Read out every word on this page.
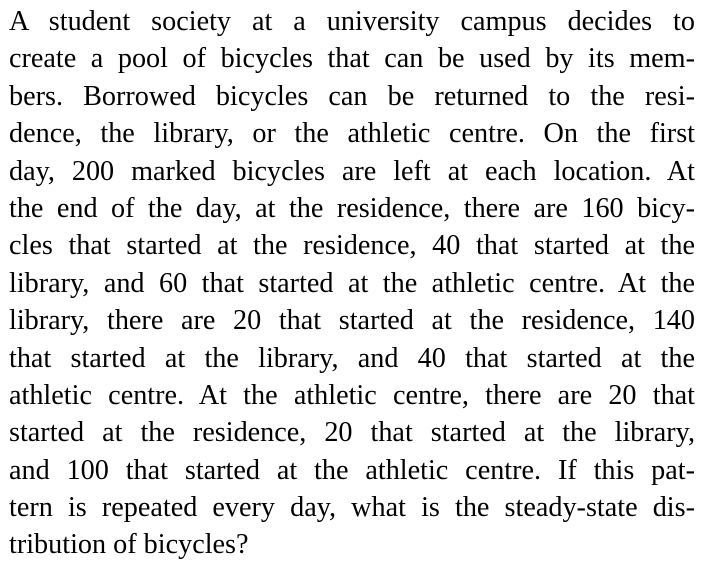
A student society at a university campus decides to
create a pool of bicycles that can be used by its mem-
bers. Borrowed bicycles can be returned to the resi-
dence, the library, or the athletic centre. On the first
day, 200 marked bicycles are left at each location. At
the end of the day, at the residence, there are 160 bicy-
cles that started at the residence, 40 that started at the
library, and 60 that started at the athletic centre. At the
library, there are 20 that started at the residence, 140
that started at the library, and 40 that started at the
athletic centre. At the athletic centre, there are 20 that
started at the residence, 20 that started at the library,
and 100 that started at the athletic centre. If this pat-
tern is repeated every day, what is the steady-state dis-
tribution of bicycles?
